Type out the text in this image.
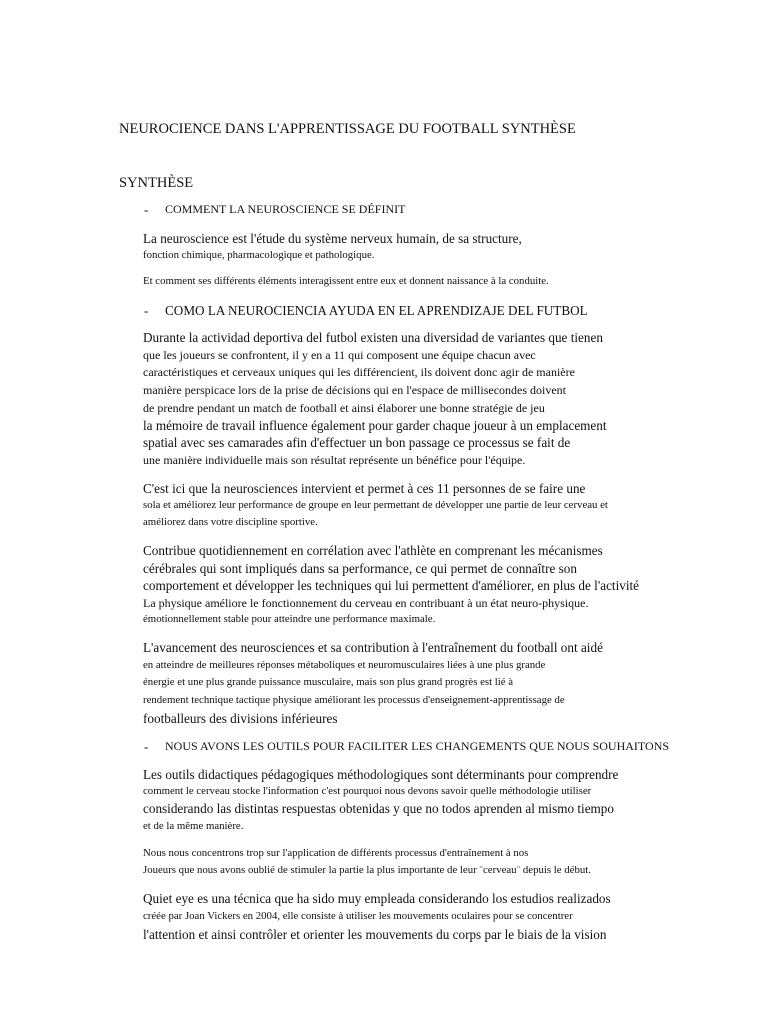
NEUROCIENCE DANS L'APPRENTISSAGE DU FOOTBALL SYNTHÈSE
SYNTHÈSE
- COMMENT LA NEUROSCIENCE SE DÉFINIT
La neuroscience est l'étude du système nerveux humain, de sa structure,
fonction chimique, pharmacologique et pathologique.
Et comment ses différents éléments interagissent entre eux et donnent naissance à la conduite.
- COMO LA NEUROCIENCIA AYUDA EN EL APRENDIZAJE DEL FUTBOL
Durante la actividad deportiva del futbol existen una diversidad de variantes que tienen
que les joueurs se confrontent, il y en a 11 qui composent une équipe chacun avec
caractéristiques et cerveaux uniques qui les différencient, ils doivent donc agir de manière
manière perspicace lors de la prise de décisions qui en l'espace de millisecondes doivent
de prendre pendant un match de football et ainsi élaborer une bonne stratégie de jeu
la mémoire de travail influence également pour garder chaque joueur à un emplacement
spatial avec ses camarades afin d'effectuer un bon passage ce processus se fait de
une manière individuelle mais son résultat représente un bénéfice pour l'équipe.
C'est ici que la neurosciences intervient et permet à ces 11 personnes de se faire une
sola et améliorez leur performance de groupe en leur permettant de développer une partie de leur cerveau et
améliorez dans votre discipline sportive.
Contribue quotidiennement en corrélation avec l'athlète en comprenant les mécanismes
cérébrales qui sont impliqués dans sa performance, ce qui permet de connaître son
comportement et développer les techniques qui lui permettent d'améliorer, en plus de l'activité
La physique améliore le fonctionnement du cerveau en contribuant à un état neuro-physique.
émotionnellement stable pour atteindre une performance maximale.
L'avancement des neurosciences et sa contribution à l'entraînement du football ont aidé
en atteindre de meilleures réponses métaboliques et neuromusculaires liées à une plus grande
énergie et une plus grande puissance musculaire, mais son plus grand progrès est lié à
rendement technique tactique physique améliorant les processus d'enseignement-apprentissage de
footballeurs des divisions inférieures
- NOUS AVONS LES OUTILS POUR FACILITER LES CHANGEMENTS QUE NOUS SOUHAITONS
Les outils didactiques pédagogiques méthodologiques sont déterminants pour comprendre
comment le cerveau stocke l'information c'est pourquoi nous devons savoir quelle méthodologie utiliser
considerando las distintas respuestas obtenidas y que no todos aprenden al mismo tiempo
et de la même manière.
Nous nous concentrons trop sur l'application de différents processus d'entraînement à nos
Joueurs que nous avons oublié de stimuler la partie la plus importante de leur ¨cerveau¨ depuis le début.
Quiet eye es una técnica que ha sido muy empleada considerando los estudios realizados
créée par Joan Vickers en 2004, elle consiste à utiliser les mouvements oculaires pour se concentrer
l'attention et ainsi contrôler et orienter les mouvements du corps par le biais de la vision
